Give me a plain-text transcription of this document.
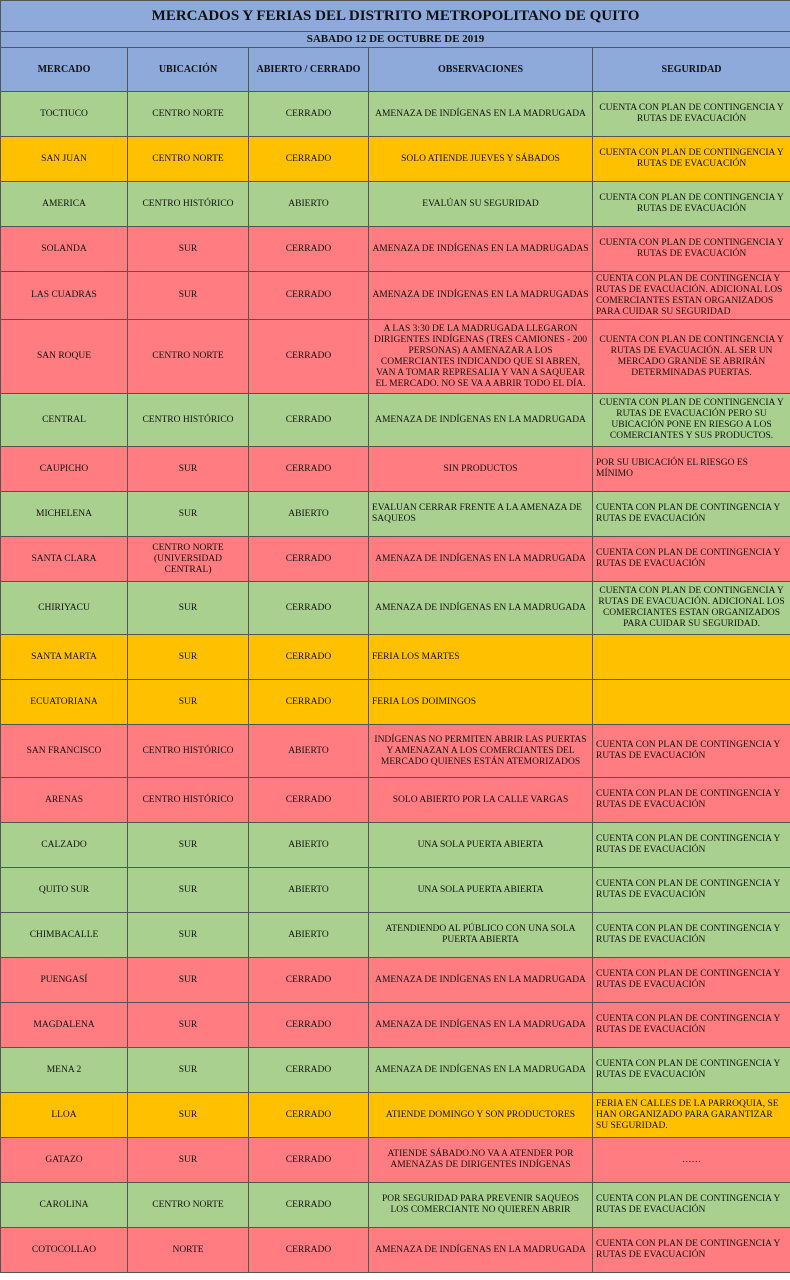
MERCADOS Y FERIAS DEL DISTRITO METROPOLITANO DE QUITO				
SABADO 12 DE OCTUBRE DE 2019				
MERCADO	UBICACIÓN	ABIERTO / CERRADO	OBSERVACIONES	SEGURIDAD
TOCTIUCO	CENTRO NORTE	CERRADO	AMENAZA DE INDÍGENAS EN LA MADRUGADA	CUENTA CON PLAN DE CONTINGENCIA Y RUTAS DE EVACUACIÓN
SAN JUAN	CENTRO NORTE	CERRADO	SOLO ATIENDE JUEVES Y SÁBADOS	CUENTA CON PLAN DE CONTINGENCIA Y RUTAS DE EVACUACIÓN
AMERICA	CENTRO HISTÓRICO	ABIERTO	EVALÚAN SU SEGURIDAD	CUENTA CON PLAN DE CONTINGENCIA Y RUTAS DE EVACUACIÓN
SOLANDA	SUR	CERRADO	AMENAZA DE INDÍGENAS EN LA MADRUGADAS	CUENTA CON PLAN DE CONTINGENCIA Y RUTAS DE EVACUACIÓN
LAS CUADRAS	SUR	CERRADO	AMENAZA DE INDÍGENAS EN LA MADRUGADAS	CUENTA CON PLAN DE CONTINGENCIA Y RUTAS DE EVACUACIÓN. ADICIONAL LOS COMERCIANTES ESTAN ORGANIZADOS PARA CUIDAR SU SEGURIDAD
SAN ROQUE	CENTRO NORTE	CERRADO	A LAS 3:30 DE LA MADRUGADA LLEGARON DIRIGENTES INDÍGENAS (TRES CAMIONES - 200 PERSONAS) A AMENAZAR A LOS COMERCIANTES INDICANDO QUE SI ABREN, VAN A TOMAR REPRESALIA Y VAN A SAQUEAR EL MERCADO. NO SE VA A ABRIR TODO EL DÍA.	CUENTA CON PLAN DE CONTINGENCIA Y RUTAS DE EVACUACIÓN. AL SER UN MERCADO GRANDE SE ABRIRÁN DETERMINADAS PUERTAS.
CENTRAL	CENTRO HISTÓRICO	CERRADO	AMENAZA DE INDÍGENAS EN LA MADRUGADA	CUENTA CON PLAN DE CONTINGENCIA Y RUTAS DE EVACUACIÓN PERO SU UBICACIÓN PONE EN RIESGO A LOS COMERCIANTES Y SUS PRODUCTOS.
CAUPICHO	SUR	CERRADO	SIN PRODUCTOS	POR SU UBICACIÓN EL RIESGO ES MÍNIMO
MICHELENA	SUR	ABIERTO	EVALUAN CERRAR FRENTE A LA AMENAZA DE SAQUEOS	CUENTA CON PLAN DE CONTINGENCIA Y RUTAS DE EVACUACIÓN
SANTA CLARA	CENTRO NORTE (UNIVERSIDAD CENTRAL)	CERRADO	AMENAZA DE INDÍGENAS EN LA MADRUGADA	CUENTA CON PLAN DE CONTINGENCIA Y RUTAS DE EVACUACIÓN
CHIRIYACU	SUR	CERRADO	AMENAZA DE INDÍGENAS EN LA MADRUGADA	CUENTA CON PLAN DE CONTINGENCIA Y RUTAS DE EVACUACIÓN. ADICIONAL LOS COMERCIANTES ESTAN ORGANIZADOS PARA CUIDAR SU SEGURIDAD.
SANTA MARTA	SUR	CERRADO	FERIA LOS MARTES	
ECUATORIANA	SUR	CERRADO	FERIA LOS DOIMINGOS	
SAN FRANCISCO	CENTRO HISTÓRICO	ABIERTO	INDÍGENAS NO PERMITEN ABRIR LAS PUERTAS Y AMENAZAN A LOS COMERCIANTES DEL MERCADO QUIENES ESTÁN ATEMORIZADOS	CUENTA CON PLAN DE CONTINGENCIA Y RUTAS DE EVACUACIÓN
ARENAS	CENTRO HISTÓRICO	CERRADO	SOLO ABIERTO POR LA CALLE VARGAS	CUENTA CON PLAN DE CONTINGENCIA Y RUTAS DE EVACUACIÓN
CALZADO	SUR	ABIERTO	UNA SOLA PUERTA ABIERTA	CUENTA CON PLAN DE CONTINGENCIA Y RUTAS DE EVACUACIÓN
QUITO SUR	SUR	ABIERTO	UNA SOLA PUERTA ABIERTA	CUENTA CON PLAN DE CONTINGENCIA Y RUTAS DE EVACUACIÓN
CHIMBACALLE	SUR	ABIERTO	ATENDIENDO AL PÚBLICO CON UNA SOLA PUERTA ABIERTA	CUENTA CON PLAN DE CONTINGENCIA Y RUTAS DE EVACUACIÓN
PUENGASÍ	SUR	CERRADO	AMENAZA DE INDÍGENAS EN LA MADRUGADA	CUENTA CON PLAN DE CONTINGENCIA Y RUTAS DE EVACUACIÓN
MAGDALENA	SUR	CERRADO	AMENAZA DE INDÍGENAS EN LA MADRUGADA	CUENTA CON PLAN DE CONTINGENCIA Y RUTAS DE EVACUACIÓN
MENA 2	SUR	CERRADO	AMENAZA DE INDÍGENAS EN LA MADRUGADA	CUENTA CON PLAN DE CONTINGENCIA Y RUTAS DE EVACUACIÓN
LLOA	SUR	CERRADO	ATIENDE DOMINGO Y SON PRODUCTORES	FERIA EN CALLES DE LA PARROQUIA, SE HAN ORGANIZADO PARA GARANTIZAR SU SEGURIDAD.
GATAZO	SUR	CERRADO	ATIENDE SÁBADO.NO VA A ATENDER POR AMENAZAS DE DIRIGENTES INDÍGENAS	……
CAROLINA	CENTRO NORTE	CERRADO	POR SEGURIDAD PARA PREVENIR SAQUEOS LOS COMERCIANTE NO QUIEREN ABRIR	CUENTA CON PLAN DE CONTINGENCIA Y RUTAS DE EVACUACIÓN
COTOCOLLAO	NORTE	CERRADO	AMENAZA DE INDÍGENAS EN LA MADRUGADA	CUENTA CON PLAN DE CONTINGENCIA Y RUTAS DE EVACUACIÓN
